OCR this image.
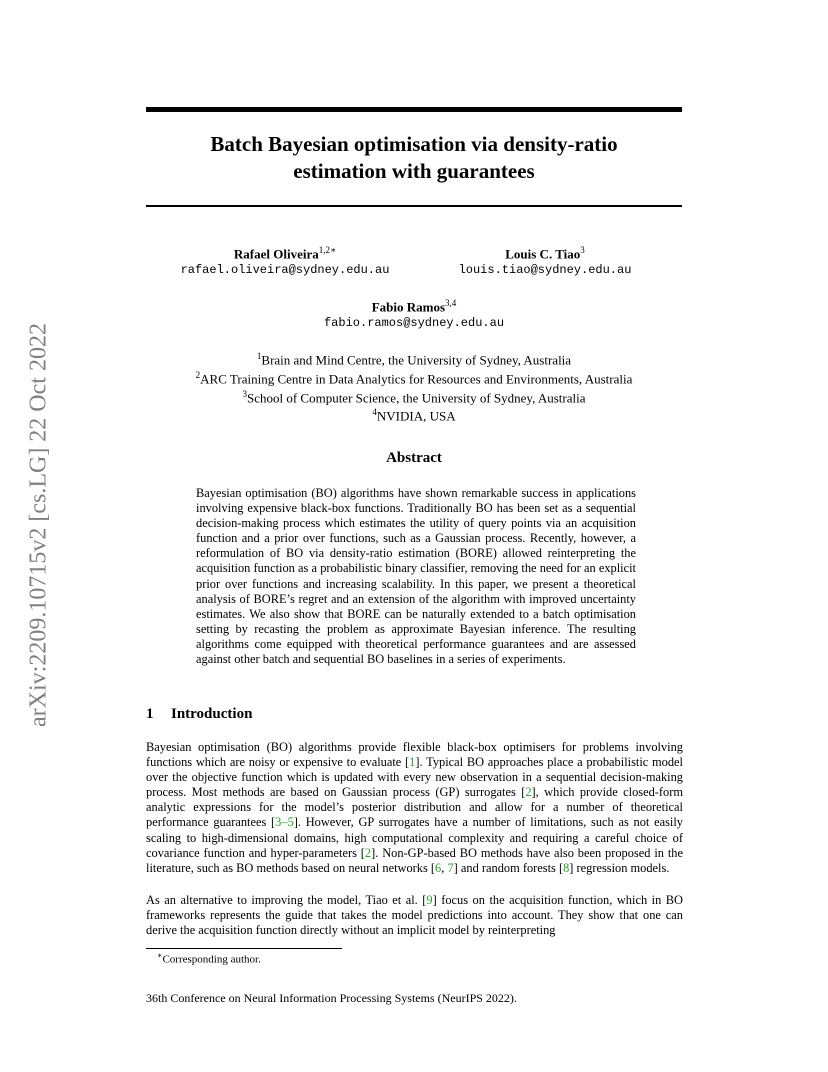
arXiv:2209.10715v2 [cs.LG] 22 Oct 2022
Batch Bayesian optimisation via density-ratio
estimation with guarantees
Rafael Oliveira$^{1,2∗}$
rafael.oliveira@sydney.edu.au
Louis C. Tiao$^3$
louis.tiao@sydney.edu.au
Fabio Ramos$^{3,4}$
fabio.ramos@sydney.edu.au
$^1$Brain and Mind Centre, the University of Sydney, Australia
$^2$ARC Training Centre in Data Analytics for Resources and Environments, Australia
$^3$School of Computer Science, the University of Sydney, Australia
$^4$NVIDIA, USA
Abstract
Bayesian optimisation (BO) algorithms have shown remarkable success in applications involving expensive black-box functions. Traditionally BO has been set as a sequential decision-making process which estimates the utility of query points via an acquisition function and a prior over functions, such as a Gaussian process. Recently, however, a reformulation of BO via density-ratio estimation (BORE) allowed reinterpreting the acquisition function as a probabilistic binary classifier, removing the need for an explicit prior over functions and increasing scalability. In this paper, we present a theoretical analysis of BORE’s regret and an extension of the algorithm with improved uncertainty estimates. We also show that BORE can be naturally extended to a batch optimisation setting by recasting the problem as approximate Bayesian inference. The resulting algorithms come equipped with theoretical performance guarantees and are assessed against other batch and sequential BO baselines in a series of experiments.
1 Introduction
Bayesian optimisation (BO) algorithms provide flexible black-box optimisers for problems involving functions which are noisy or expensive to evaluate [1]. Typical BO approaches place a probabilistic model over the objective function which is updated with every new observation in a sequential decision-making process. Most methods are based on Gaussian process (GP) surrogates [2], which provide closed-form analytic expressions for the model’s posterior distribution and allow for a number of theoretical performance guarantees [3–5]. However, GP surrogates have a number of limitations, such as not easily scaling to high-dimensional domains, high computational complexity and requiring a careful choice of covariance function and hyper-parameters [2]. Non-GP-based BO methods have also been proposed in the literature, such as BO methods based on neural networks [6, 7] and random forests [8] regression models.
As an alternative to improving the model, Tiao et al. [9] focus on the acquisition function, which in BO frameworks represents the guide that takes the model predictions into account. They show that one can derive the acquisition function directly without an implicit model by reinterpreting
∗Corresponding author.
36th Conference on Neural Information Processing Systems (NeurIPS 2022).
